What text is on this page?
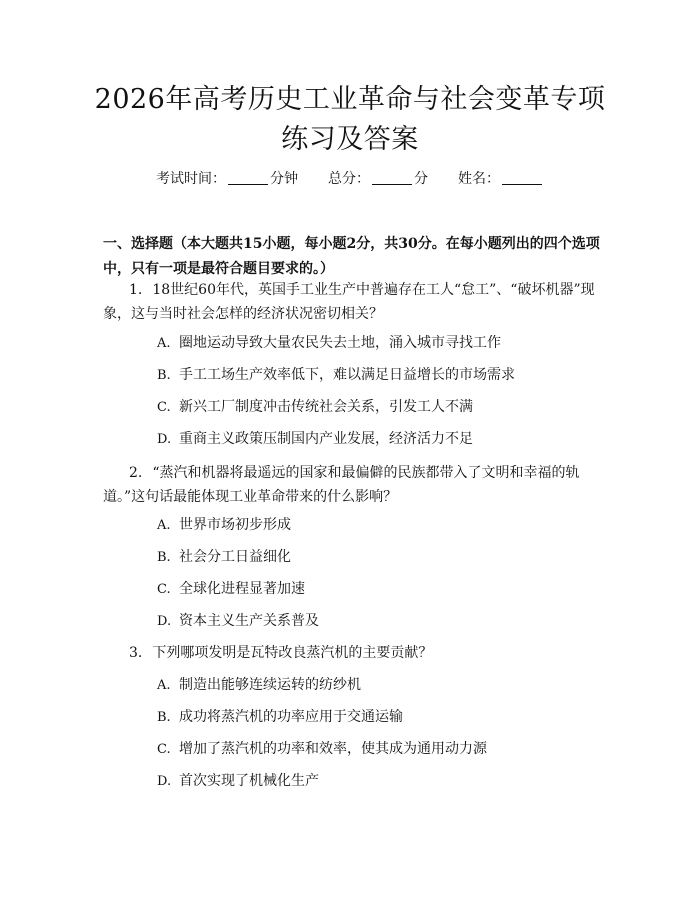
2026年高考历史工业革命与社会变革专项练习及答案
考试时间：	分钟 总分：	分 姓名：

一、选择题（本大题共15小题，每小题2分，共30分。在每小题列出的四个选项中，只有一项是最符合题目要求的。）

1. 18世纪60年代，英国手工业生产中普遍存在工人“怠工”、“破坏机器”现象，这与当时社会怎样的经济状况密切相关？
A. 圈地运动导致大量农民失去土地，涌入城市寻找工作
B. 手工工场生产效率低下，难以满足日益增长的市场需求
C. 新兴工厂制度冲击传统社会关系，引发工人不满
D. 重商主义政策压制国内产业发展，经济活力不足
2. “蒸汽和机器将最遥远的国家和最偏僻的民族都带入了文明和幸福的轨道。”这句话最能体现工业革命带来的什么影响？
A. 世界市场初步形成
B. 社会分工日益细化
C. 全球化进程显著加速
D. 资本主义生产关系普及
3. 下列哪项发明是瓦特改良蒸汽机的主要贡献？
A. 制造出能够连续运转的纺纱机
B. 成功将蒸汽机的功率应用于交通运输
C. 增加了蒸汽机的功率和效率，使其成为通用动力源
D. 首次实现了机械化生产
